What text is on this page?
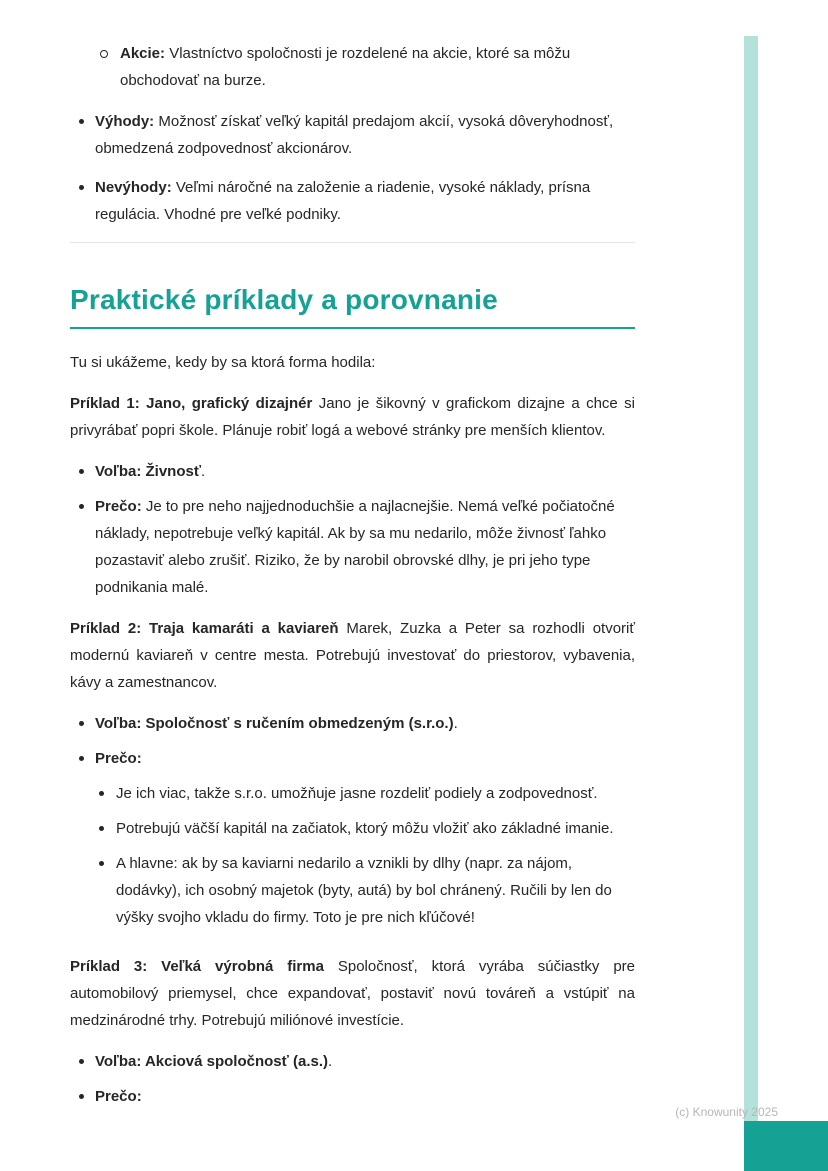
Akcie: Vlastníctvo spoločnosti je rozdelené na akcie, ktoré sa môžu obchodovať na burze.
Výhody: Možnosť získať veľký kapitál predajom akcií, vysoká dôveryhodnosť, obmedzená zodpovednosť akcionárov.
Nevýhody: Veľmi náročné na založenie a riadenie, vysoké náklady, prísna regulácia. Vhodné pre veľké podniky.
Praktické príklady a porovnanie

Tu si ukážeme, kedy by sa ktorá forma hodila:

Príklad 1: Jano, grafický dizajnér Jano je šikovný v grafickom dizajne a chce si privyrábať popri škole. Plánuje robiť logá a webové stránky pre menších klientov.

Voľba: Živnosť.
Prečo: Je to pre neho najjednoduchšie a najlacnejšie. Nemá veľké počiatočné náklady, nepotrebuje veľký kapitál. Ak by sa mu nedarilo, môže živnosť ľahko pozastaviť alebo zrušiť. Riziko, že by narobil obrovské dlhy, je pri jeho type podnikania malé.

Príklad 2: Traja kamaráti a kaviareň Marek, Zuzka a Peter sa rozhodli otvoriť modernú kaviareň v centre mesta. Potrebujú investovať do priestorov, vybavenia, kávy a zamestnancov.

Voľba: Spoločnosť s ručením obmedzeným (s.r.o.).
Prečo:
Je ich viac, takže s.r.o. umožňuje jasne rozdeliť podiely a zodpovednosť.
Potrebujú väčší kapitál na začiatok, ktorý môžu vložiť ako základné imanie.
A hlavne: ak by sa kaviarni nedarilo a vznikli by dlhy (napr. za nájom, dodávky), ich osobný majetok (byty, autá) by bol chránený. Ručili by len do výšky svojho vkladu do firmy. Toto je pre nich kľúčové!

Príklad 3: Veľká výrobná firma Spoločnosť, ktorá vyrába súčiastky pre automobilový priemysel, chce expandovať, postaviť novú továreň a vstúpiť na medzinárodné trhy. Potrebujú miliónové investície.

Voľba: Akciová spoločnosť (a.s.).
Prečo:
(c) Knowunity 2025
